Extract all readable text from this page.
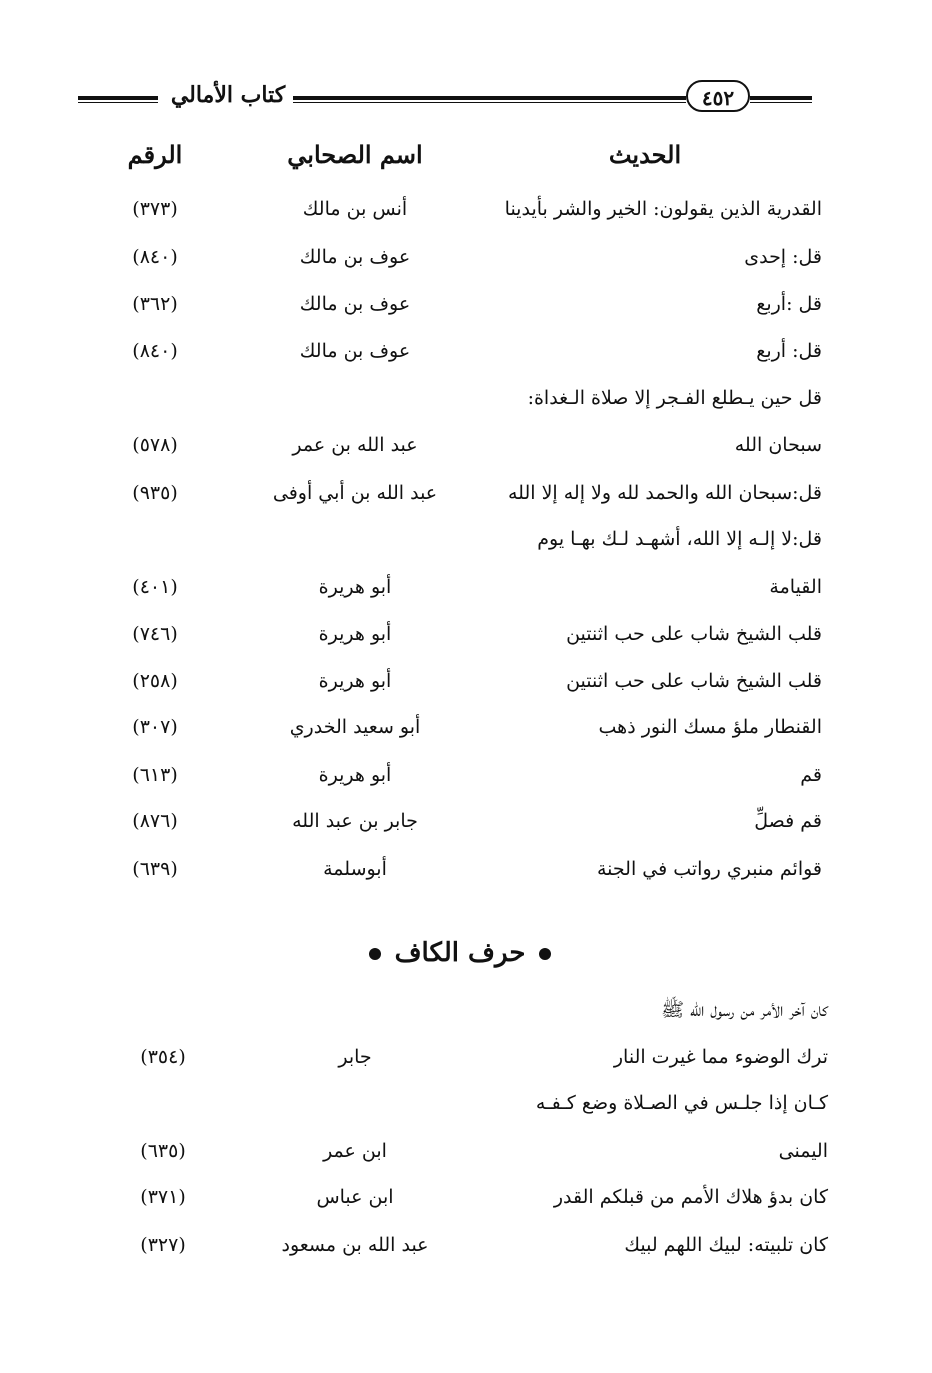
كتاب الأمالي	٤٥٢
الحديث
اسم الصحابي
الرقم
القدرية الذين يقولون: الخير والشر بأيدينا
أنس بن مالك
(٣٧٣)
قل: إحدى
عوف بن مالك
(٨٤٠)
قل :أربع
عوف بن مالك
(٣٦٢)
قل: أربع
عوف بن مالك
(٨٤٠)
قل حين يـطلع الفـجر إلا صلاة الـغداة:
سبحان الله
عبد الله بن عمر
(٥٧٨)
قل:سبحان الله والحمد لله ولا إله إلا الله
عبد الله بن أبي أوفى
(٩٣٥)
قل:لا إلـه إلا الله، أشهـد لـك بهـا يوم
القيامة
أبو هريرة
(٤٠١)
قلب الشيخ شاب على حب اثنتين
أبو هريرة
(٧٤٦)
قلب الشيخ شاب على حب اثنتين
أبو هريرة
(٢٥٨)
القنطار ملؤ مسك النور ذهب
أبو سعيد الخدري
(٣٠٧)
قم
أبو هريرة
(٦١٣)
قم فصلِّ
جابر بن عبد الله
(٨٧٦)
قوائم منبري رواتب في الجنة
أبوسلمة
(٦٣٩)
حرف الكاف
كان آخر الأمر من رسول الله ﷺ
ترك الوضوء مما غيرت النار
جابر
(٣٥٤)
كـان إذا جلـس في الصـلاة وضع كـفـه
اليمنى
ابن عمر
(٦٣٥)
كان بدؤ هلاك الأمم من قبلكم القدر
ابن عباس
(٣٧١)
كان تلبيته: لبيك اللهم لبيك
عبد الله بن مسعود
(٣٢٧)
